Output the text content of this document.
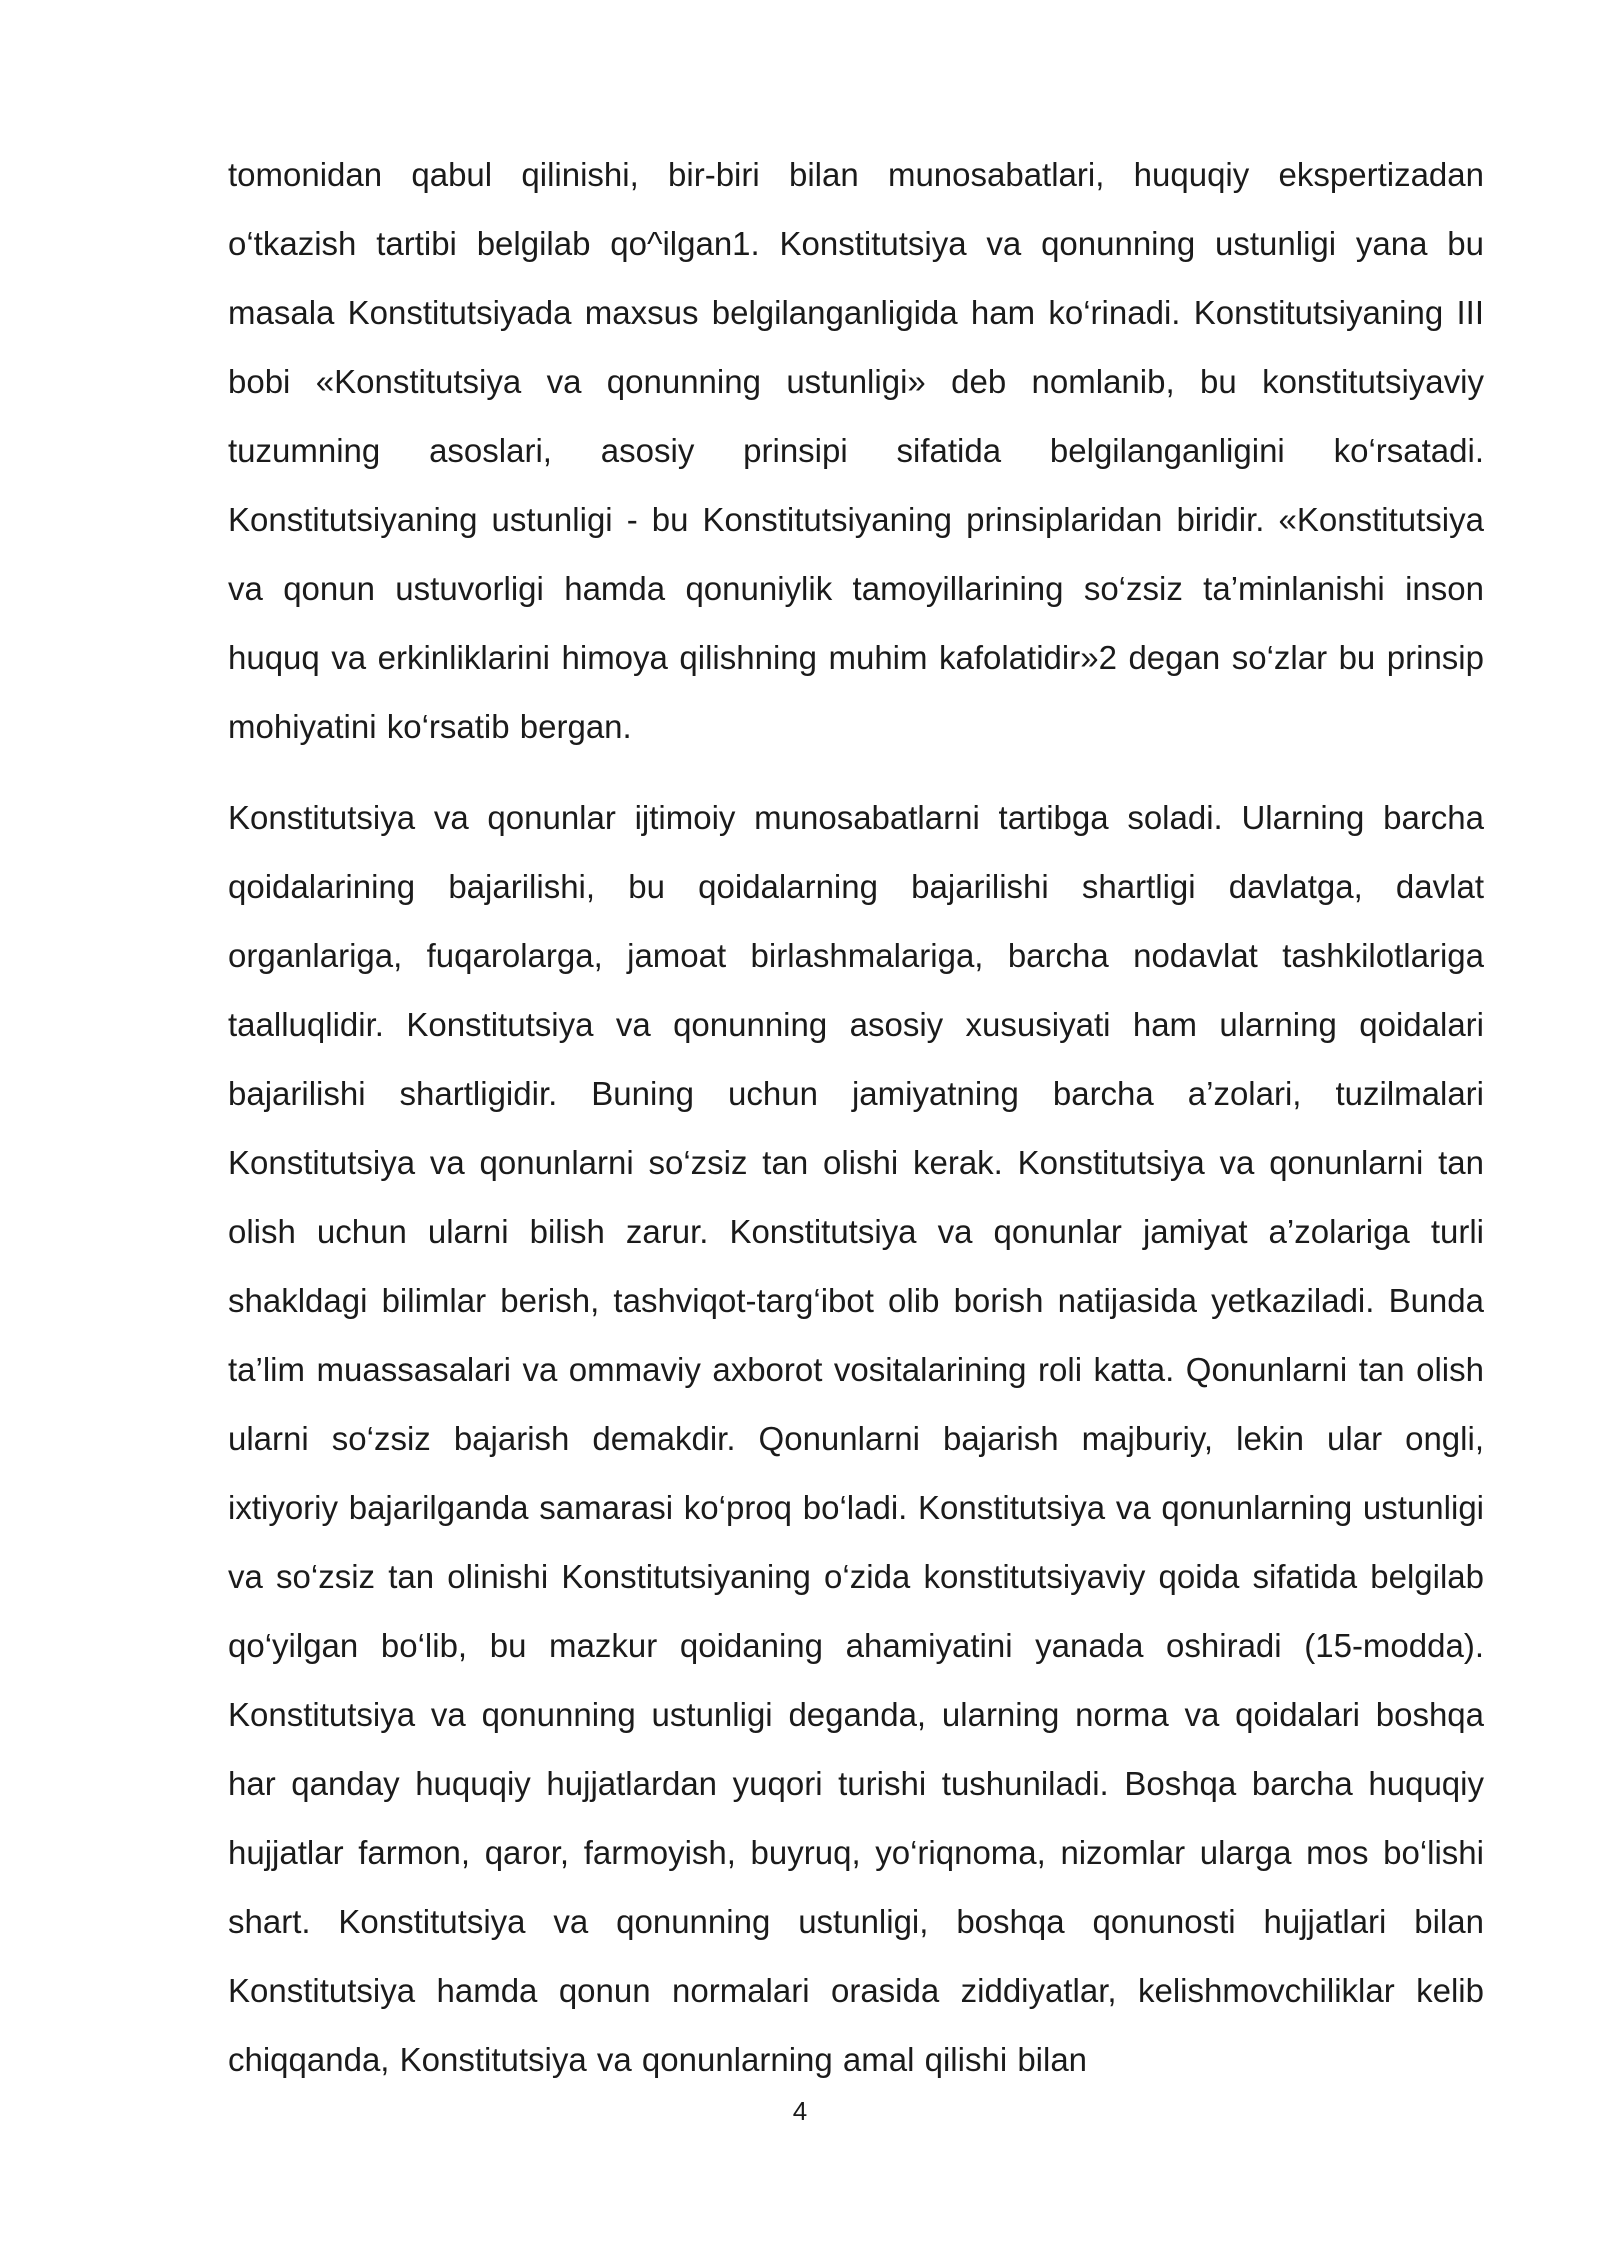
tomonidan qabul qilinishi, bir-biri bilan munosabatlari, huquqiy ekspertizadan o‘tkazish tartibi belgilab qo^ilgan1. Konstitutsiya va qonunning ustunligi yana bu masala Konstitutsiyada maxsus belgilanganligida ham ko‘rinadi. Konstitutsiyaning III bobi «Konstitutsiya va qonunning ustunligi» deb nomlanib, bu konstitutsiyaviy tuzumning asoslari, asosiy prinsipi sifatida belgilanganligini ko‘rsatadi. Konstitutsiyaning ustunligi - bu Konstitutsiyaning prinsiplaridan biridir. «Konstitutsiya va qonun ustuvorligi hamda qonuniylik tamoyillarining so‘zsiz ta’minlanishi inson huquq va erkinliklarini himoya qilishning muhim kafolatidir»2 degan so‘zlar bu prinsip mohiyatini ko‘rsatib bergan.
Konstitutsiya va qonunlar ijtimoiy munosabatlarni tartibga soladi. Ularning barcha qoidalarining bajarilishi, bu qoidalarning bajarilishi shartligi davlatga, davlat organlariga, fuqarolarga, jamoat birlashmalariga, barcha nodavlat tashkilotlariga taalluqlidir. Konstitutsiya va qonunning asosiy xususiyati ham ularning qoidalari bajarilishi shartligidir. Buning uchun jamiyatning barcha a’zolari, tuzilmalari Konstitutsiya va qonunlarni so‘zsiz tan olishi kerak. Konstitutsiya va qonunlarni tan olish uchun ularni bilish zarur. Konstitutsiya va qonunlar jamiyat a’zolariga turli shakldagi bilimlar berish, tashviqot-targ‘ibot olib borish natijasida yetkaziladi. Bunda ta’lim muassasalari va ommaviy axborot vositalarining roli katta. Qonunlarni tan olish ularni so‘zsiz bajarish demakdir. Qonunlarni bajarish majburiy, lekin ular ongli, ixtiyoriy bajarilganda samarasi ko‘proq bo‘ladi. Konstitutsiya va qonunlarning ustunligi va so‘zsiz tan olinishi Konstitutsiyaning o‘zida konstitutsiyaviy qoida sifatida belgilab qo‘yilgan bo‘lib, bu mazkur qoidaning ahamiyatini yanada oshiradi (15-modda). Konstitutsiya va qonunning ustunligi deganda, ularning norma va qoidalari boshqa har qanday huquqiy hujjatlardan yuqori turishi tushuniladi. Boshqa barcha huquqiy hujjatlar farmon, qaror, farmoyish, buyruq, yo‘riqnoma, nizomlar ularga mos bo‘lishi shart. Konstitutsiya va qonunning ustunligi, boshqa qonunosti hujjatlari bilan Konstitutsiya hamda qonun normalari orasida ziddiyatlar, kelishmovchiliklar kelib chiqqanda, Konstitutsiya va qonunlarning amal qilishi bilan
4
